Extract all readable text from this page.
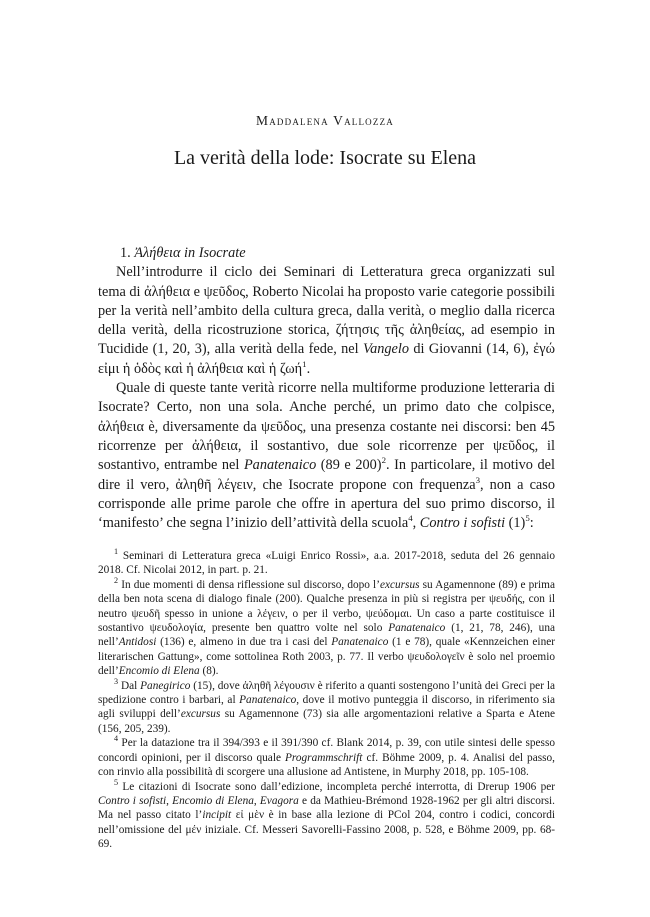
Maddalena Vallozza
La verità della lode: Isocrate su Elena

1. Ἀλήθεια in Isocrate

Nell’introdurre il ciclo dei Seminari di Letteratura greca organizzati sul tema di ἀλήθεια e ψεῦδος, Roberto Nicolai ha proposto varie categorie possibili per la verità nell’ambito della cultura greca, dalla verità, o meglio dalla ricerca della verità, della ricostruzione storica, ζήτησις τῆς ἀληθείας, ad esempio in Tucidide (1, 20, 3), alla verità della fede, nel Vangelo di Giovanni (14, 6), ἐγώ εἰμι ἡ ὁδὸς καὶ ἡ ἀλήθεια καὶ ἡ ζωή$^1$.

Quale di queste tante verità ricorre nella multiforme produzione letteraria di Isocrate? Certo, non una sola. Anche perché, un primo dato che colpisce, ἀλήθεια è, diversamente da ψεῦδος, una presenza costante nei discorsi: ben 45 ricorrenze per ἀλήθεια, il sostantivo, due sole ricorrenze per ψεῦδος, il sostantivo, entrambe nel Panatenaico (89 e 200)$^2$. In particolare, il motivo del dire il vero, ἀληθῆ λέγειν, che Isocrate propone con frequenza$^3$, non a caso corrisponde alle prime parole che offre in apertura del suo primo discorso, il ‘manifesto’ che segna l’inizio dell’attività della scuola$^4$, Contro i sofisti $(1)^5$:

$^1$ Seminari di Letteratura greca «Luigi Enrico Rossi», a.a. 2017-2018, seduta del 26 gennaio 2018. Cf. Nicolai 2012, in part. p. 21.

$^2$ In due momenti di densa riflessione sul discorso, dopo l’excursus su Agamennone (89) e prima della ben nota scena di dialogo finale (200). Qualche presenza in più si registra per ψευδής, con il neutro ψευδῆ spesso in unione a λέγειν, o per il verbo, ψεύδομαι. Un caso a parte costituisce il sostantivo ψευδολογία, presente ben quattro volte nel solo Panatenaico (1, 21, 78, 246), una nell’Antidosi (136) e, almeno in due tra i casi del Panatenaico (1 e 78), quale «Kennzeichen einer literarischen Gattung», come sottolinea Roth 2003, p. 77. Il verbo ψευδολογεῖν è solo nel proemio dell’Encomio di Elena (8).

$^3$ Dal Panegirico (15), dove ἀληθῆ λέγουσιν è riferito a quanti sostengono l’unità dei Greci per la spedizione contro i barbari, al Panatenaico, dove il motivo punteggia il discorso, in riferimento sia agli sviluppi dell’excursus su Agamennone (73) sia alle argomentazioni relative a Sparta e Atene (156, 205, 239).

$^4$ Per la datazione tra il 394/393 e il 391/390 cf. Blank 2014, p. 39, con utile sintesi delle spesso concordi opinioni, per il discorso quale Programmschrift cf. Böhme 2009, p. 4. Analisi del passo, con rinvio alla possibilità di scorgere una allusione ad Antistene, in Murphy 2018, pp. 105-108.

$^5$ Le citazioni di Isocrate sono dall’edizione, incompleta perché interrotta, di Drerup 1906 per Contro i sofisti, Encomio di Elena, Evagora e da Mathieu-Brémond 1928-1962 per gli altri discorsi. Ma nel passo citato l’incipit εἰ μὲν è in base alla lezione di PCol 204, contro i codici, concordi nell’omissione del μέν iniziale. Cf. Messeri Savorelli-Fassino 2008, p. 528, e Böhme 2009, pp. 68-69.
